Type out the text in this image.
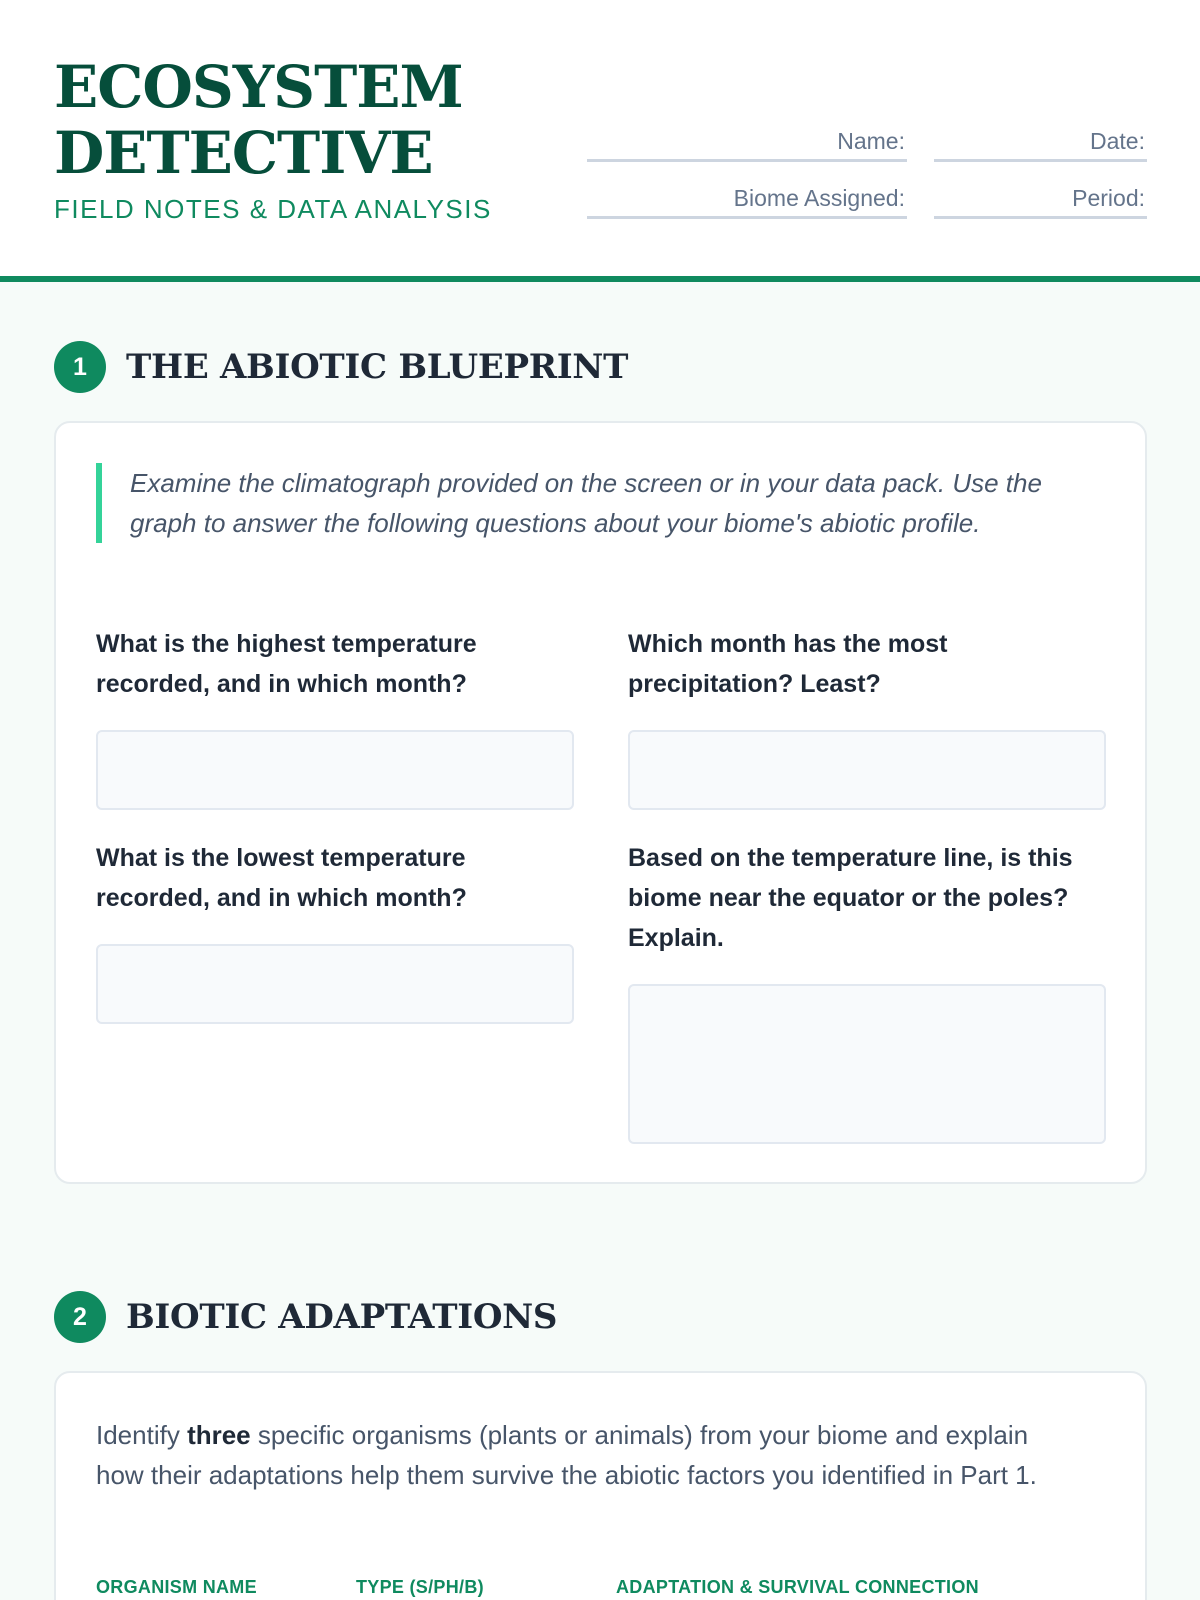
ECOSYSTEM
DETECTIVE
FIELD NOTES & DATA ANALYSIS
Name:	Date:
Biome Assigned:	Period:
1	THE ABIOTIC BLUEPRINT
Examine the climatograph provided on the screen or in your data pack. Use the graph to answer the following questions about your biome's abiotic profile.
What is the highest temperature recorded, and in which month?
Which month has the most precipitation? Least?
What is the lowest temperature recorded, and in which month?
Based on the temperature line, is this biome near the equator or the poles? Explain.
2	BIOTIC ADAPTATIONS
Identify three specific organisms (plants or animals) from your biome and explain how their adaptations help them survive the abiotic factors you identified in Part 1.
ORGANISM NAME	TYPE (S/PH/B)	ADAPTATION & SURVIVAL CONNECTION
